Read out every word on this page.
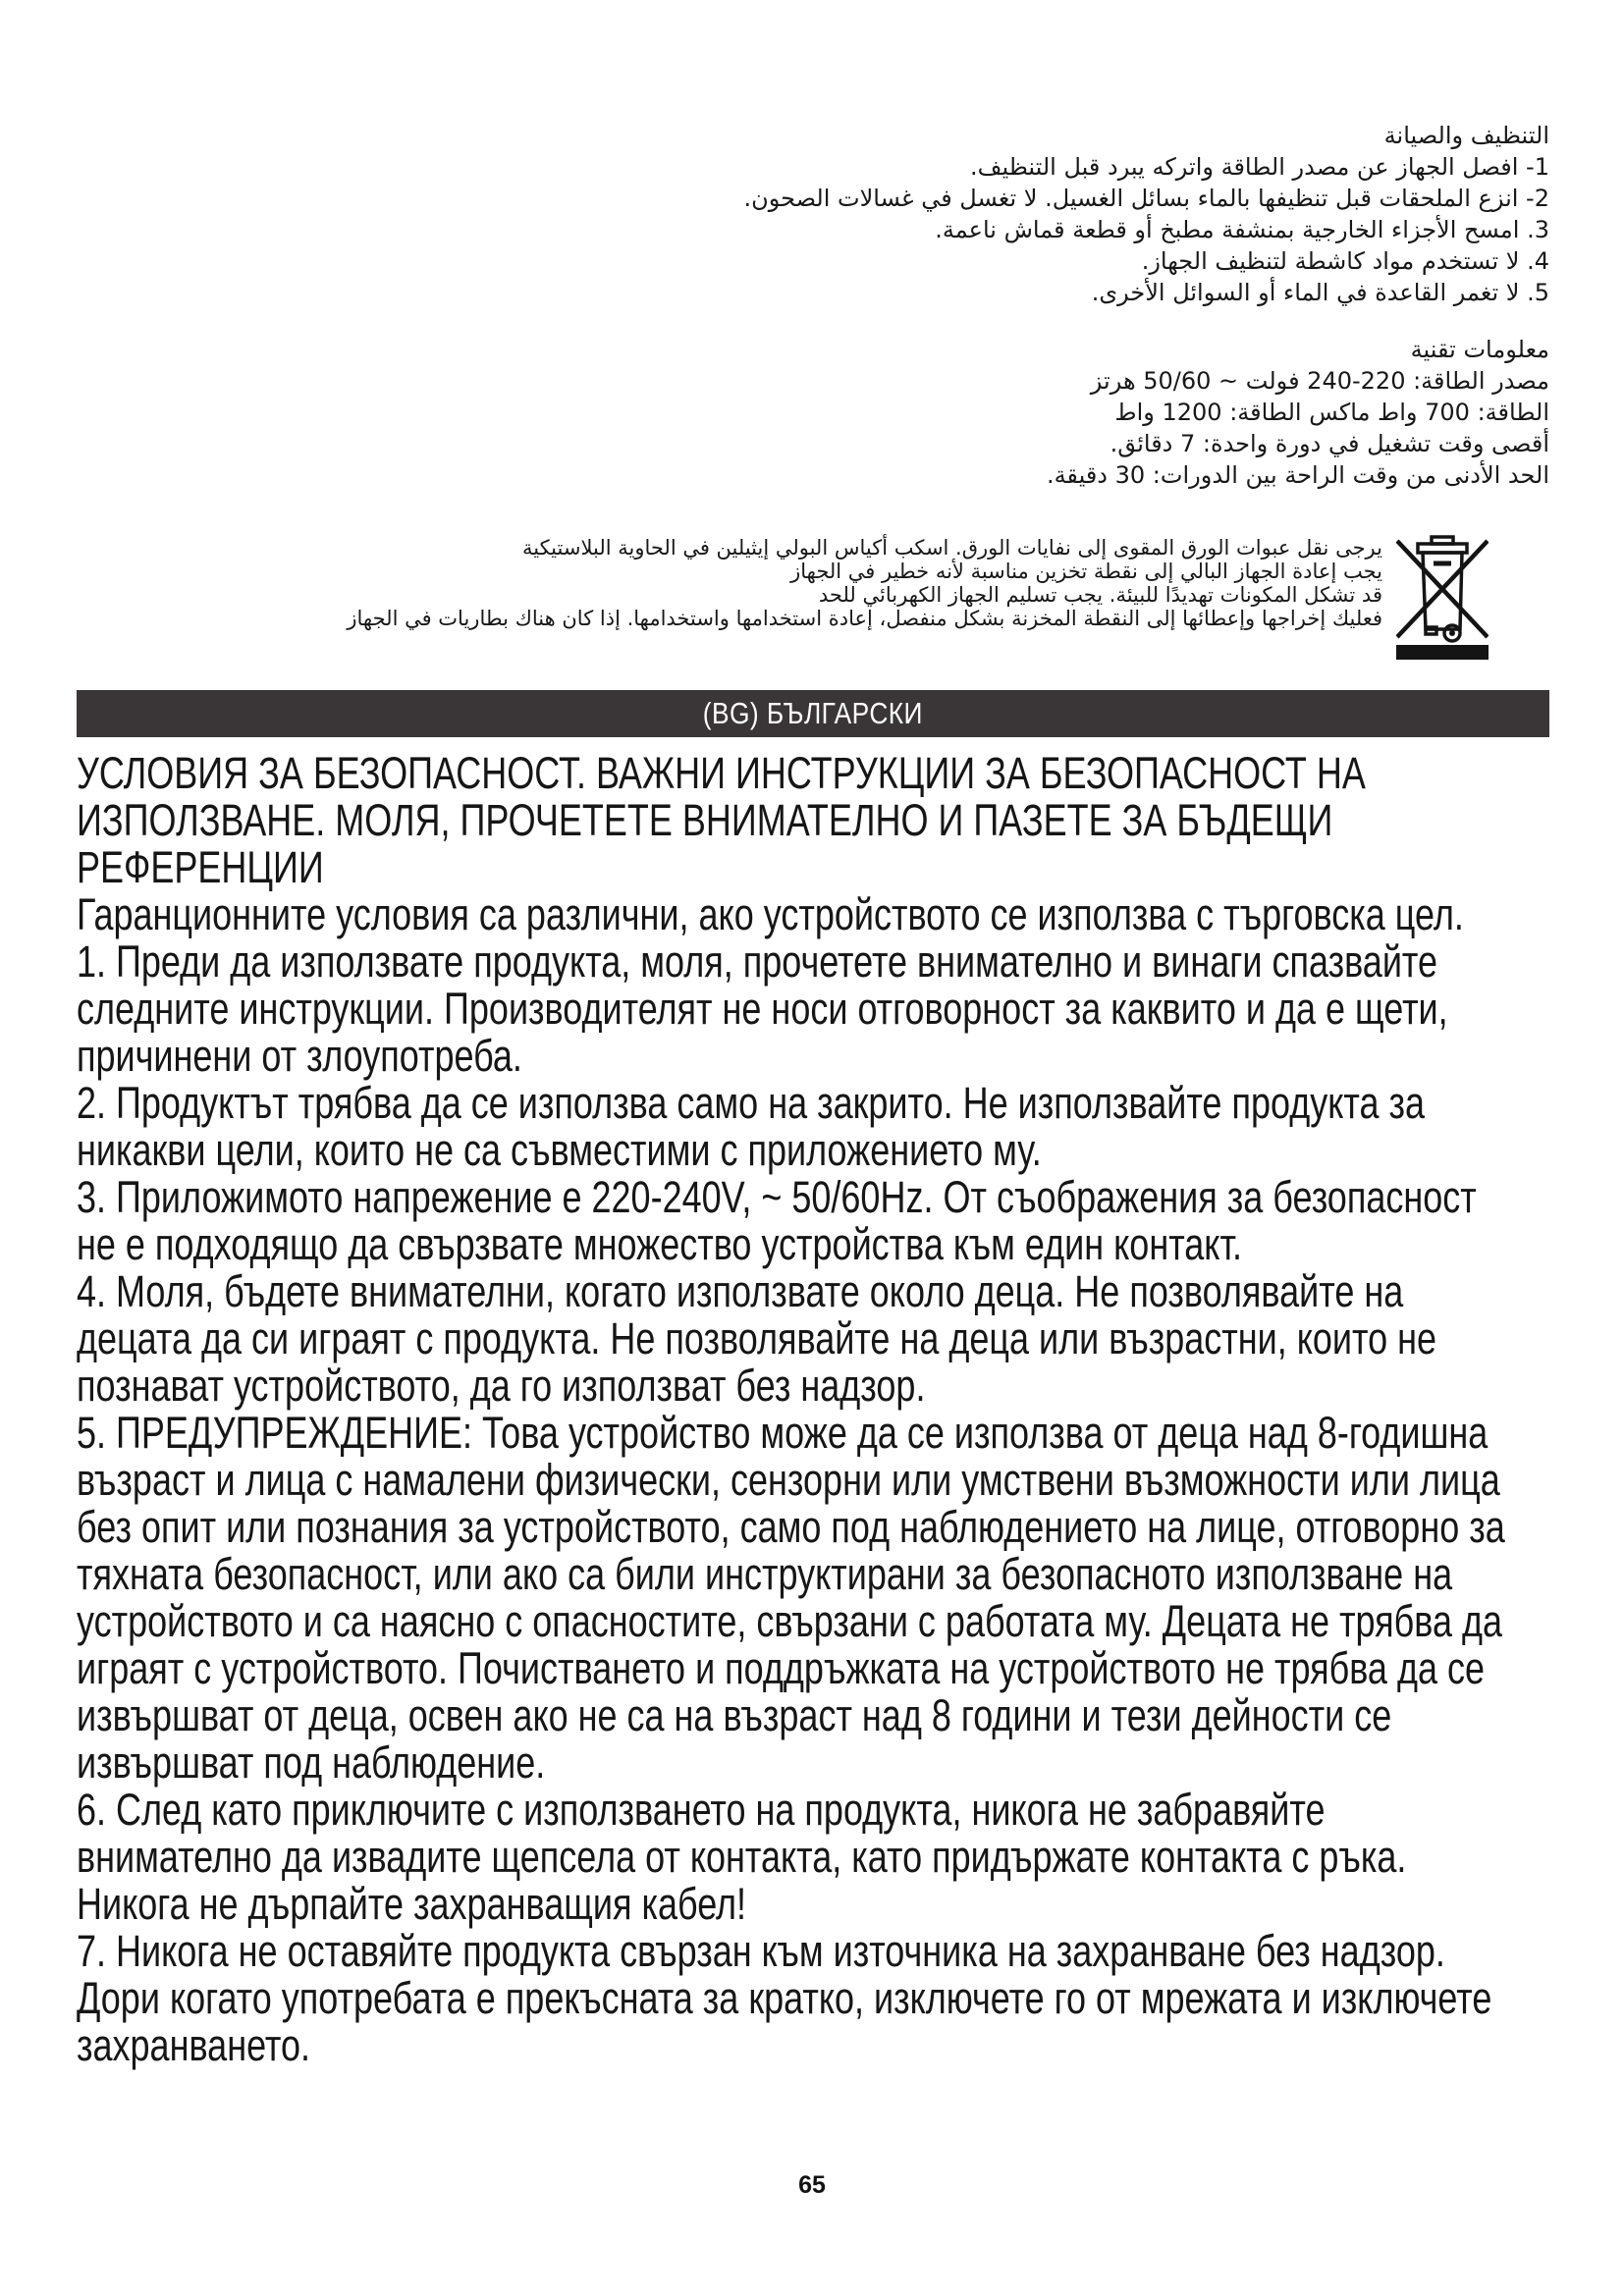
التنظيف والصيانة
1- افصل الجهاز عن مصدر الطاقة واتركه يبرد قبل التنظيف.
2- انزع الملحقات قبل تنظيفها بالماء بسائل الغسيل. لا تغسل في غسالات الصحون.
3. امسح الأجزاء الخارجية بمنشفة مطبخ أو قطعة قماش ناعمة.
4. لا تستخدم مواد كاشطة لتنظيف الجهاز.
5. لا تغمر القاعدة في الماء أو السوائل الأخرى.
معلومات تقنية
مصدر الطاقة: 220-240 فولت ~ 50/60 هرتز
الطاقة: 700 واط ماكس الطاقة: 1200 واط
أقصى وقت تشغيل في دورة واحدة: 7 دقائق.
الحد الأدنى من وقت الراحة بين الدورات: 30 دقيقة.
يرجى نقل عبوات الورق المقوى إلى نفايات الورق. اسكب أكياس البولي إيثيلين في الحاوية البلاستيكية
يجب إعادة الجهاز البالي إلى نقطة تخزين مناسبة لأنه خطير في الجهاز
قد تشكل المكونات تهديدًا للبيئة. يجب تسليم الجهاز الكهربائي للحد
فعليك إخراجها وإعطائها إلى النقطة المخزنة بشكل منفصل، إعادة استخدامها واستخدامها. إذا كان هناك بطاريات في الجهاز
(BG) БЪЛГАРСКИ
УСЛОВИЯ ЗА БЕЗОПАСНОСТ. ВАЖНИ ИНСТРУКЦИИ ЗА БЕЗОПАСНОСТ НА
ИЗПОЛЗВАНЕ. МОЛЯ, ПРОЧЕТЕТЕ ВНИМАТЕЛНО И ПАЗЕТЕ ЗА БЪДЕЩИ
РЕФЕРЕНЦИИ
Гаранционните условия са различни, ако устройството се използва с търговска цел.
1. Преди да използвате продукта, моля, прочетете внимателно и винаги спазвайте
следните инструкции. Производителят не носи отговорност за каквито и да е щети,
причинени от злоупотреба.
2. Продуктът трябва да се използва само на закрито. Не използвайте продукта за
никакви цели, които не са съвместими с приложението му.
3. Приложимото напрежение е 220-240V, ~ 50/60Hz. От съображения за безопасност
не е подходящо да свързвате множество устройства към един контакт.
4. Моля, бъдете внимателни, когато използвате около деца. Не позволявайте на
децата да си играят с продукта. Не позволявайте на деца или възрастни, които не
познават устройството, да го използват без надзор.
5. ПРЕДУПРЕЖДЕНИЕ: Това устройство може да се използва от деца над 8-годишна
възраст и лица с намалени физически, сензорни или умствени възможности или лица
без опит или познания за устройството, само под наблюдението на лице, отговорно за
тяхната безопасност, или ако са били инструктирани за безопасното използване на
устройството и са наясно с опасностите, свързани с работата му. Децата не трябва да
играят с устройството. Почистването и поддръжката на устройството не трябва да се
извършват от деца, освен ако не са на възраст над 8 години и тези дейности се
извършват под наблюдение.
6. След като приключите с използването на продукта, никога не забравяйте
внимателно да извадите щепсела от контакта, като придържате контакта с ръка.
Никога не дърпайте захранващия кабел!
7. Никога не оставяйте продукта свързан към източника на захранване без надзор.
Дори когато употребата е прекъсната за кратко, изключете го от мрежата и изключете
захранването.
65
